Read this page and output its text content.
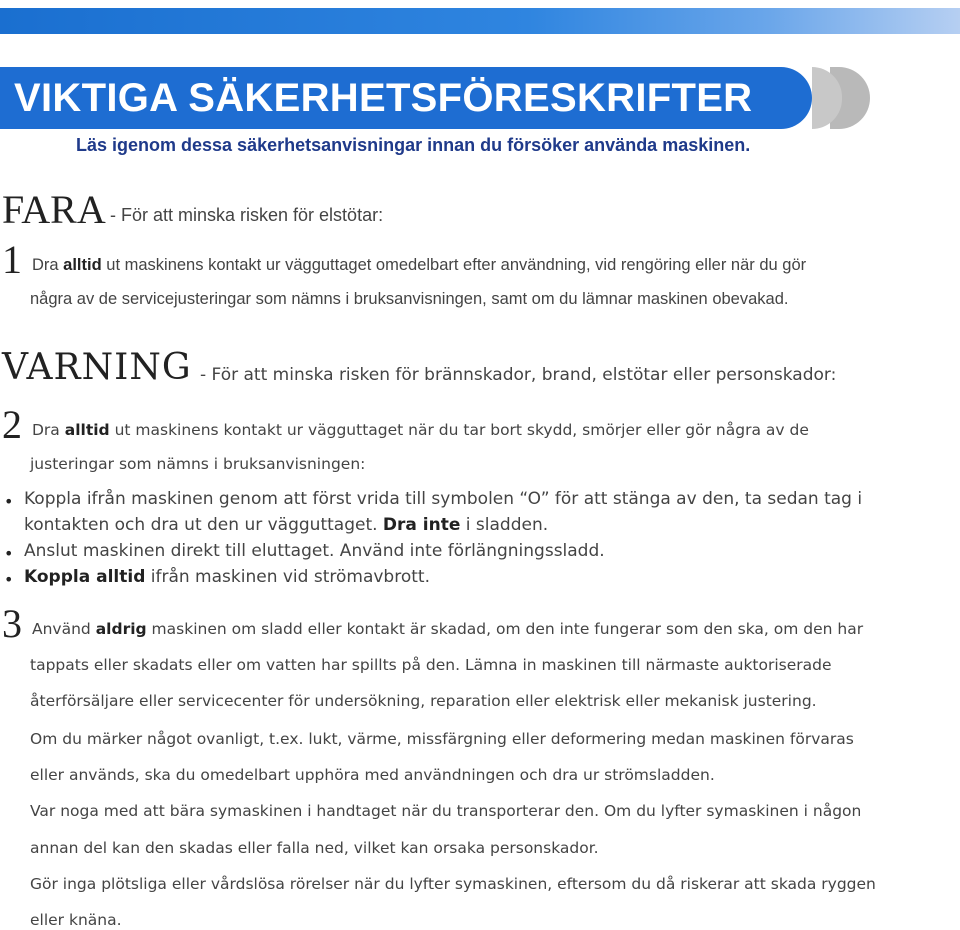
VIKTIGA SÄKERHETSFÖRESKRIFTER
Läs igenom dessa säkerhetsanvisningar innan du försöker använda maskinen.
FARA - För att minska risken för elstötar:
1 Dra alltid ut maskinens kontakt ur vägguttaget omedelbart efter användning, vid rengöring eller när du gör
några av de servicejusteringar som nämns i bruksanvisningen, samt om du lämnar maskinen obevakad.
VARNING - För att minska risken för brännskador, brand, elstötar eller personskador:
2 Dra alltid ut maskinens kontakt ur vägguttaget när du tar bort skydd, smörjer eller gör några av de
justeringar som nämns i bruksanvisningen:
• Koppla ifrån maskinen genom att först vrida till symbolen “O” för att stänga av den, ta sedan tag i
kontakten och dra ut den ur vägguttaget. Dra inte i sladden.
• Anslut maskinen direkt till eluttaget. Använd inte förlängningssladd.
• Koppla alltid ifrån maskinen vid strömavbrott.
3 Använd aldrig maskinen om sladd eller kontakt är skadad, om den inte fungerar som den ska, om den har
tappats eller skadats eller om vatten har spillts på den. Lämna in maskinen till närmaste auktoriserade
återförsäljare eller servicecenter för undersökning, reparation eller elektrisk eller mekanisk justering.
Om du märker något ovanligt, t.ex. lukt, värme, missfärgning eller deformering medan maskinen förvaras
eller används, ska du omedelbart upphöra med användningen och dra ur strömsladden.
Var noga med att bära symaskinen i handtaget när du transporterar den. Om du lyfter symaskinen i någon
annan del kan den skadas eller falla ned, vilket kan orsaka personskador.
Gör inga plötsliga eller vårdslösa rörelser när du lyfter symaskinen, eftersom du då riskerar att skada ryggen
eller knäna.
